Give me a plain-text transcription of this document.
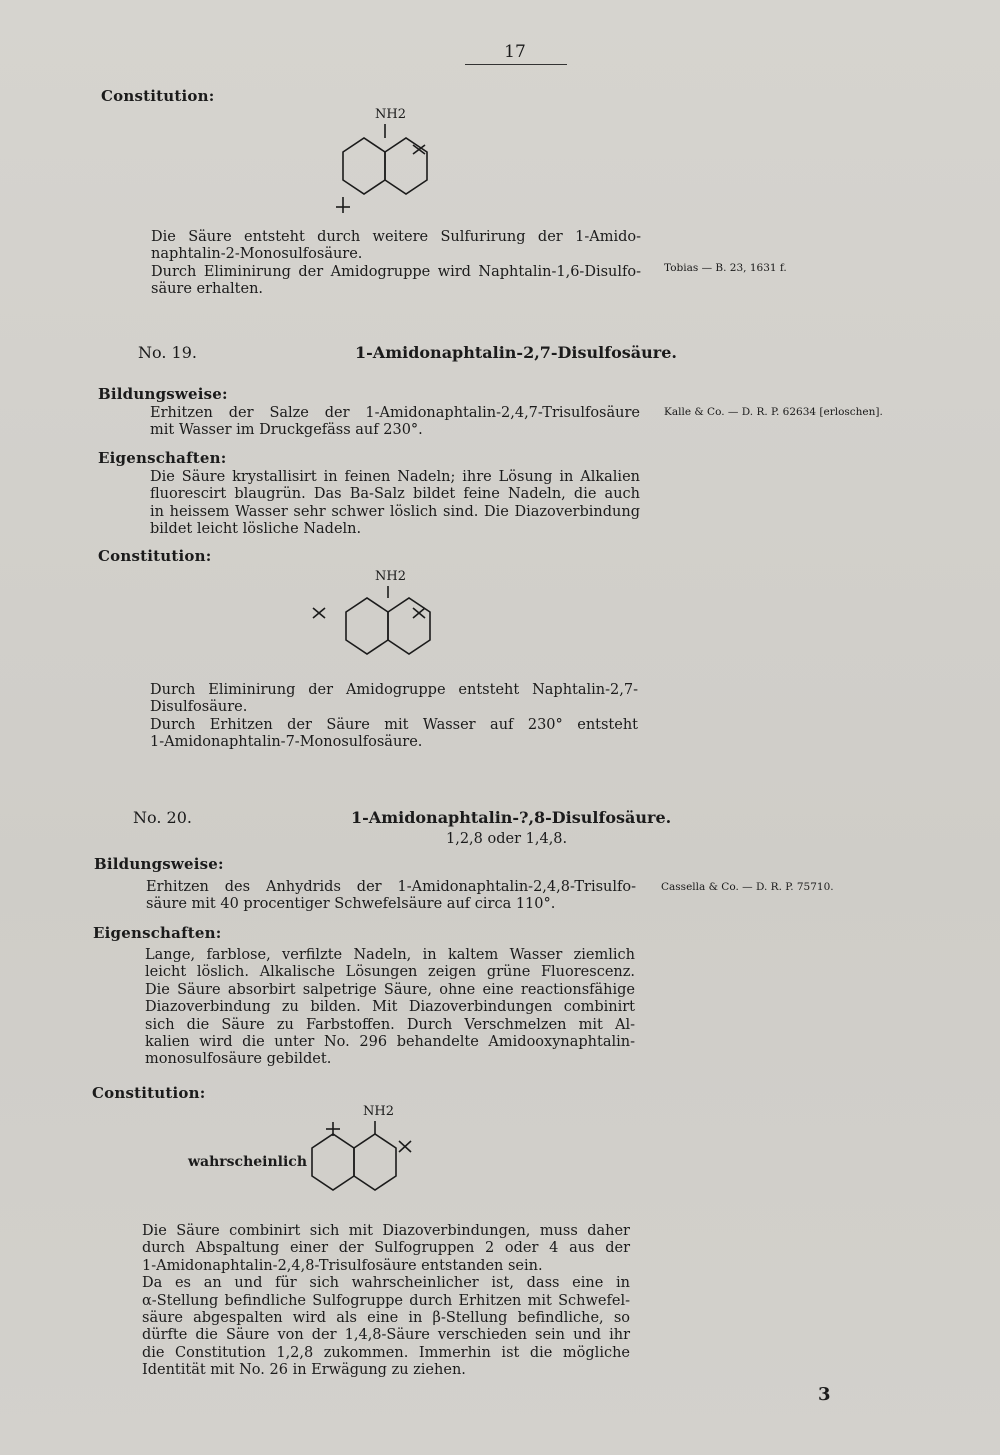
17
Constitution:
NH2
Die Säure entsteht durch weitere Sulfurirung der 1-Amido-
naphtalin-2-Monosulfosäure.
Durch Eliminirung der Amidogruppe wird Naphtalin-1,6-Disulfo-
säure erhalten.
Tobias — B. 23, 1631 f.
No. 19.	1-Amidonaphtalin-2,7-Disulfosäure.
Bildungsweise:
Erhitzen der Salze der 1-Amidonaphtalin-2,4,7-Trisulfosäure
mit Wasser im Druckgefäss auf 230°.
Kalle & Co. — D. R. P. 62634 [erloschen].
Eigenschaften:
Die Säure krystallisirt in feinen Nadeln; ihre Lösung in Alkalien
fluorescirt blaugrün. Das Ba-Salz bildet feine Nadeln, die auch
in heissem Wasser sehr schwer löslich sind. Die Diazoverbindung
bildet leicht lösliche Nadeln.
Constitution:
NH2
Durch Eliminirung der Amidogruppe entsteht Naphtalin-2,7-
Disulfosäure.
Durch Erhitzen der Säure mit Wasser auf 230° entsteht
1-Amidonaphtalin-7-Monosulfosäure.
No. 20.	1-Amidonaphtalin-?,8-Disulfosäure.
1,2,8 oder 1,4,8.
Bildungsweise:
Erhitzen des Anhydrids der 1-Amidonaphtalin-2,4,8-Trisulfo-
säure mit 40 procentiger Schwefelsäure auf circa 110°.
Cassella & Co. — D. R. P. 75710.
Eigenschaften:
Lange, farblose, verfilzte Nadeln, in kaltem Wasser ziemlich
leicht löslich. Alkalische Lösungen zeigen grüne Fluorescenz.
Die Säure absorbirt salpetrige Säure, ohne eine reactionsfähige
Diazoverbindung zu bilden. Mit Diazoverbindungen combinirt
sich die Säure zu Farbstoffen. Durch Verschmelzen mit Al-
kalien wird die unter No. 296 behandelte Amidooxynaphtalin-
monosulfosäure gebildet.
Constitution:
wahrscheinlich
NH2
Die Säure combinirt sich mit Diazoverbindungen, muss daher
durch Abspaltung einer der Sulfogruppen 2 oder 4 aus der
1-Amidonaphtalin-2,4,8-Trisulfosäure entstanden sein.
Da es an und für sich wahrscheinlicher ist, dass eine in
α-Stellung befindliche Sulfogruppe durch Erhitzen mit Schwefel-
säure abgespalten wird als eine in β-Stellung befindliche, so
dürfte die Säure von der 1,4,8-Säure verschieden sein und ihr
die Constitution 1,2,8 zukommen. Immerhin ist die mögliche
Identität mit No. 26 in Erwägung zu ziehen.
3
